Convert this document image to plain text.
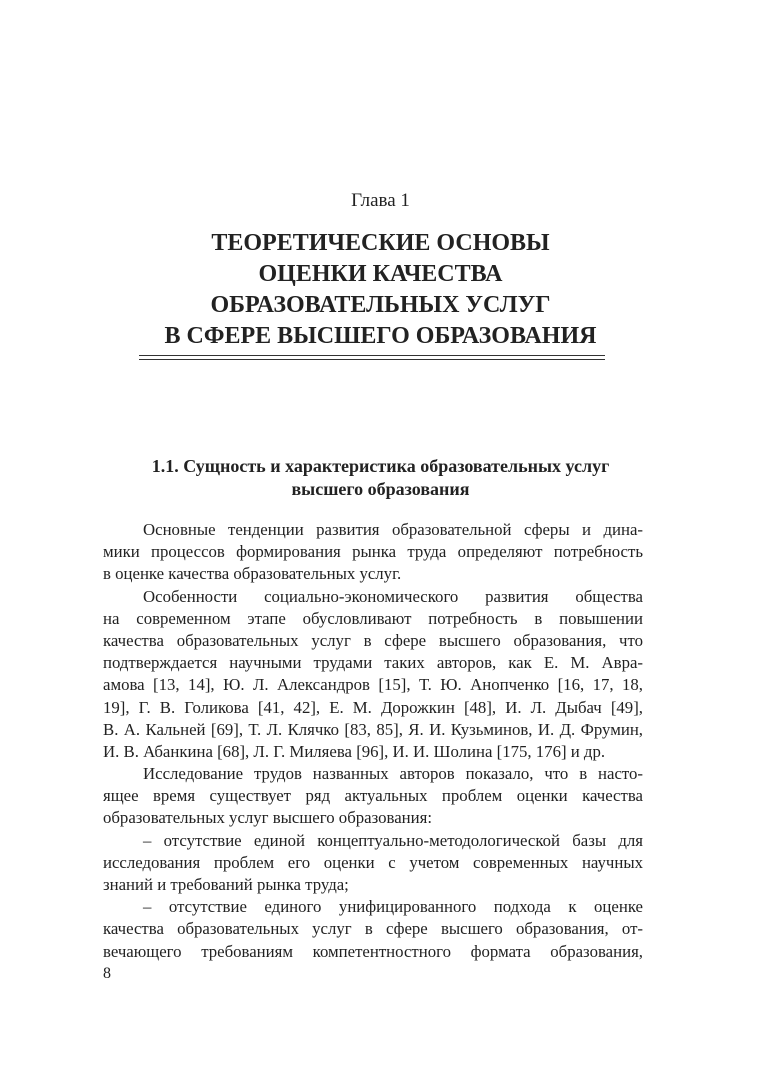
Глава 1
ТЕОРЕТИЧЕСКИЕ ОСНОВЫ
ОЦЕНКИ КАЧЕСТВА
ОБРАЗОВАТЕЛЬНЫХ УСЛУГ
В СФЕРЕ ВЫСШЕГО ОБРАЗОВАНИЯ
1.1. Сущность и характеристика образовательных услуг
высшего образования
Основные тенденции развития образовательной сферы и дина-
мики процессов формирования рынка труда определяют потребность
в оценке качества образовательных услуг.
Особенности социально-экономического развития общества
на современном этапе обусловливают потребность в повышении
качества образовательных услуг в сфере высшего образования, что
подтверждается научными трудами таких авторов, как Е. М. Авра-
амова [13, 14], Ю. Л. Александров [15], Т. Ю. Анопченко [16, 17, 18,
19], Г. В. Голикова [41, 42], Е. М. Дорожкин [48], И. Л. Дыбач [49],
В. А. Кальней [69], Т. Л. Клячко [83, 85], Я. И. Кузьминов, И. Д. Фрумин,
И. В. Абанкина [68], Л. Г. Миляева [96], И. И. Шолина [175, 176] и др.
Исследование трудов названных авторов показало, что в насто-
ящее время существует ряд актуальных проблем оценки качества
образовательных услуг высшего образования:
– отсутствие единой концептуально-методологической базы для
исследования проблем его оценки с учетом современных научных
знаний и требований рынка труда;
– отсутствие единого унифицированного подхода к оценке
качества образовательных услуг в сфере высшего образования, от-
вечающего требованиям компетентностного формата образования,
8
